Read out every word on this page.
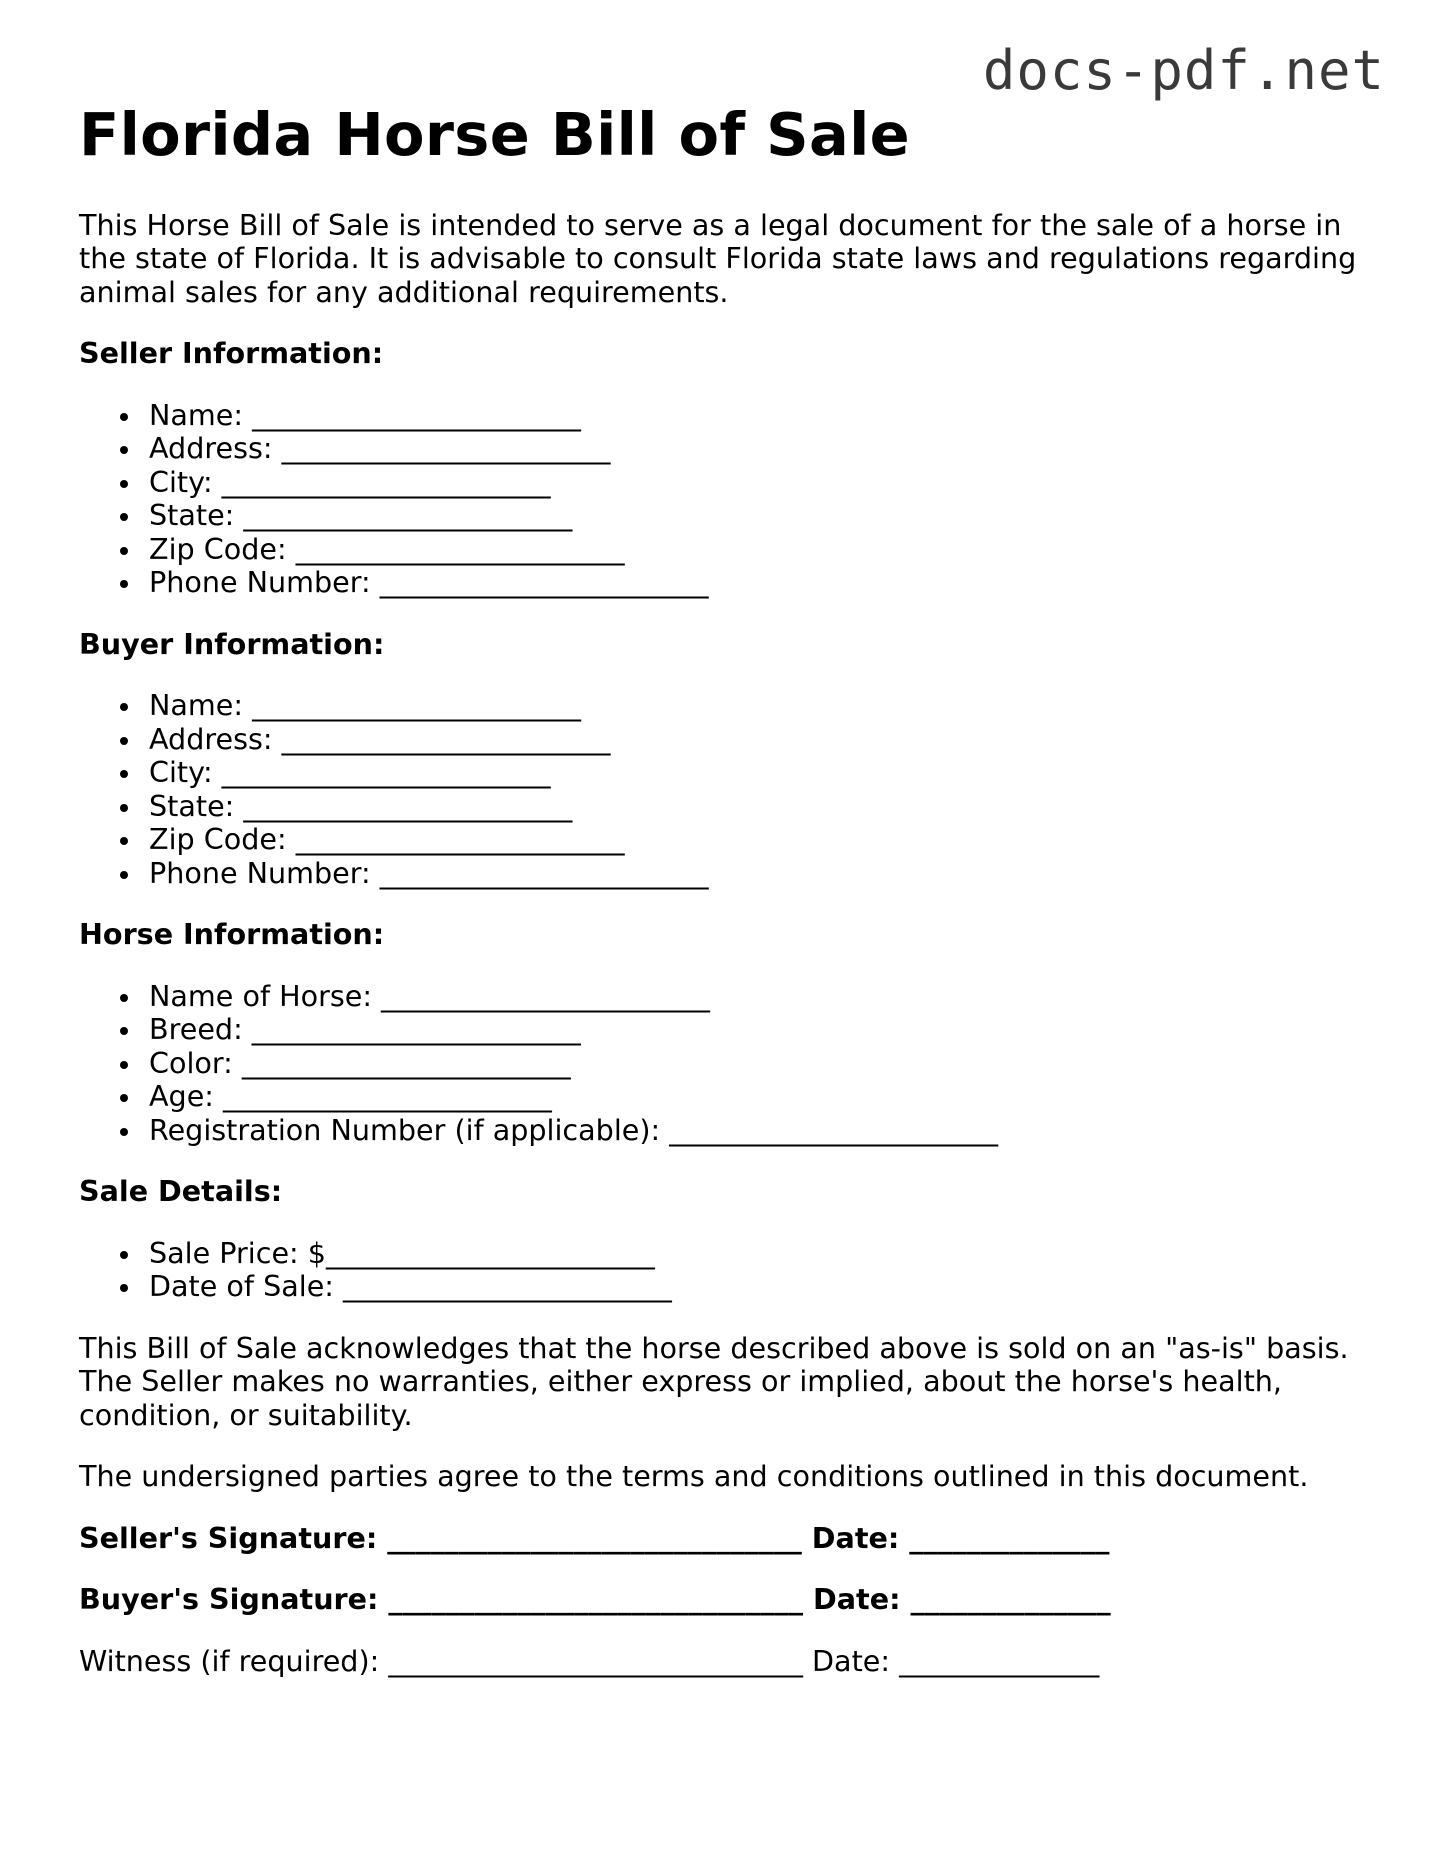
docs-pdf.net
Florida Horse Bill of Sale

This Horse Bill of Sale is intended to serve as a legal document for the sale of a horse in the state of Florida. It is advisable to consult Florida state laws and regulations regarding animal sales for any additional requirements.

Seller Information:
Name: _______________________
Address: _______________________
City: _______________________
State: _______________________
Zip Code: _______________________
Phone Number: _______________________
Buyer Information:
Name: _______________________
Address: _______________________
City: _______________________
State: _______________________
Zip Code: _______________________
Phone Number: _______________________
Horse Information:
Name of Horse: _______________________
Breed: _______________________
Color: _______________________
Age: _______________________
Registration Number (if applicable): _______________________
Sale Details:
Sale Price: $_______________________
Date of Sale: _______________________

This Bill of Sale acknowledges that the horse described above is sold on an "as-is" basis. The Seller makes no warranties, either express or implied, about the horse's health, condition, or suitability.

The undersigned parties agree to the terms and conditions outlined in this document.

Seller's Signature: _____________________________ Date: ______________
Buyer's Signature: _____________________________ Date: ______________
Witness (if required): _____________________________ Date: ______________
